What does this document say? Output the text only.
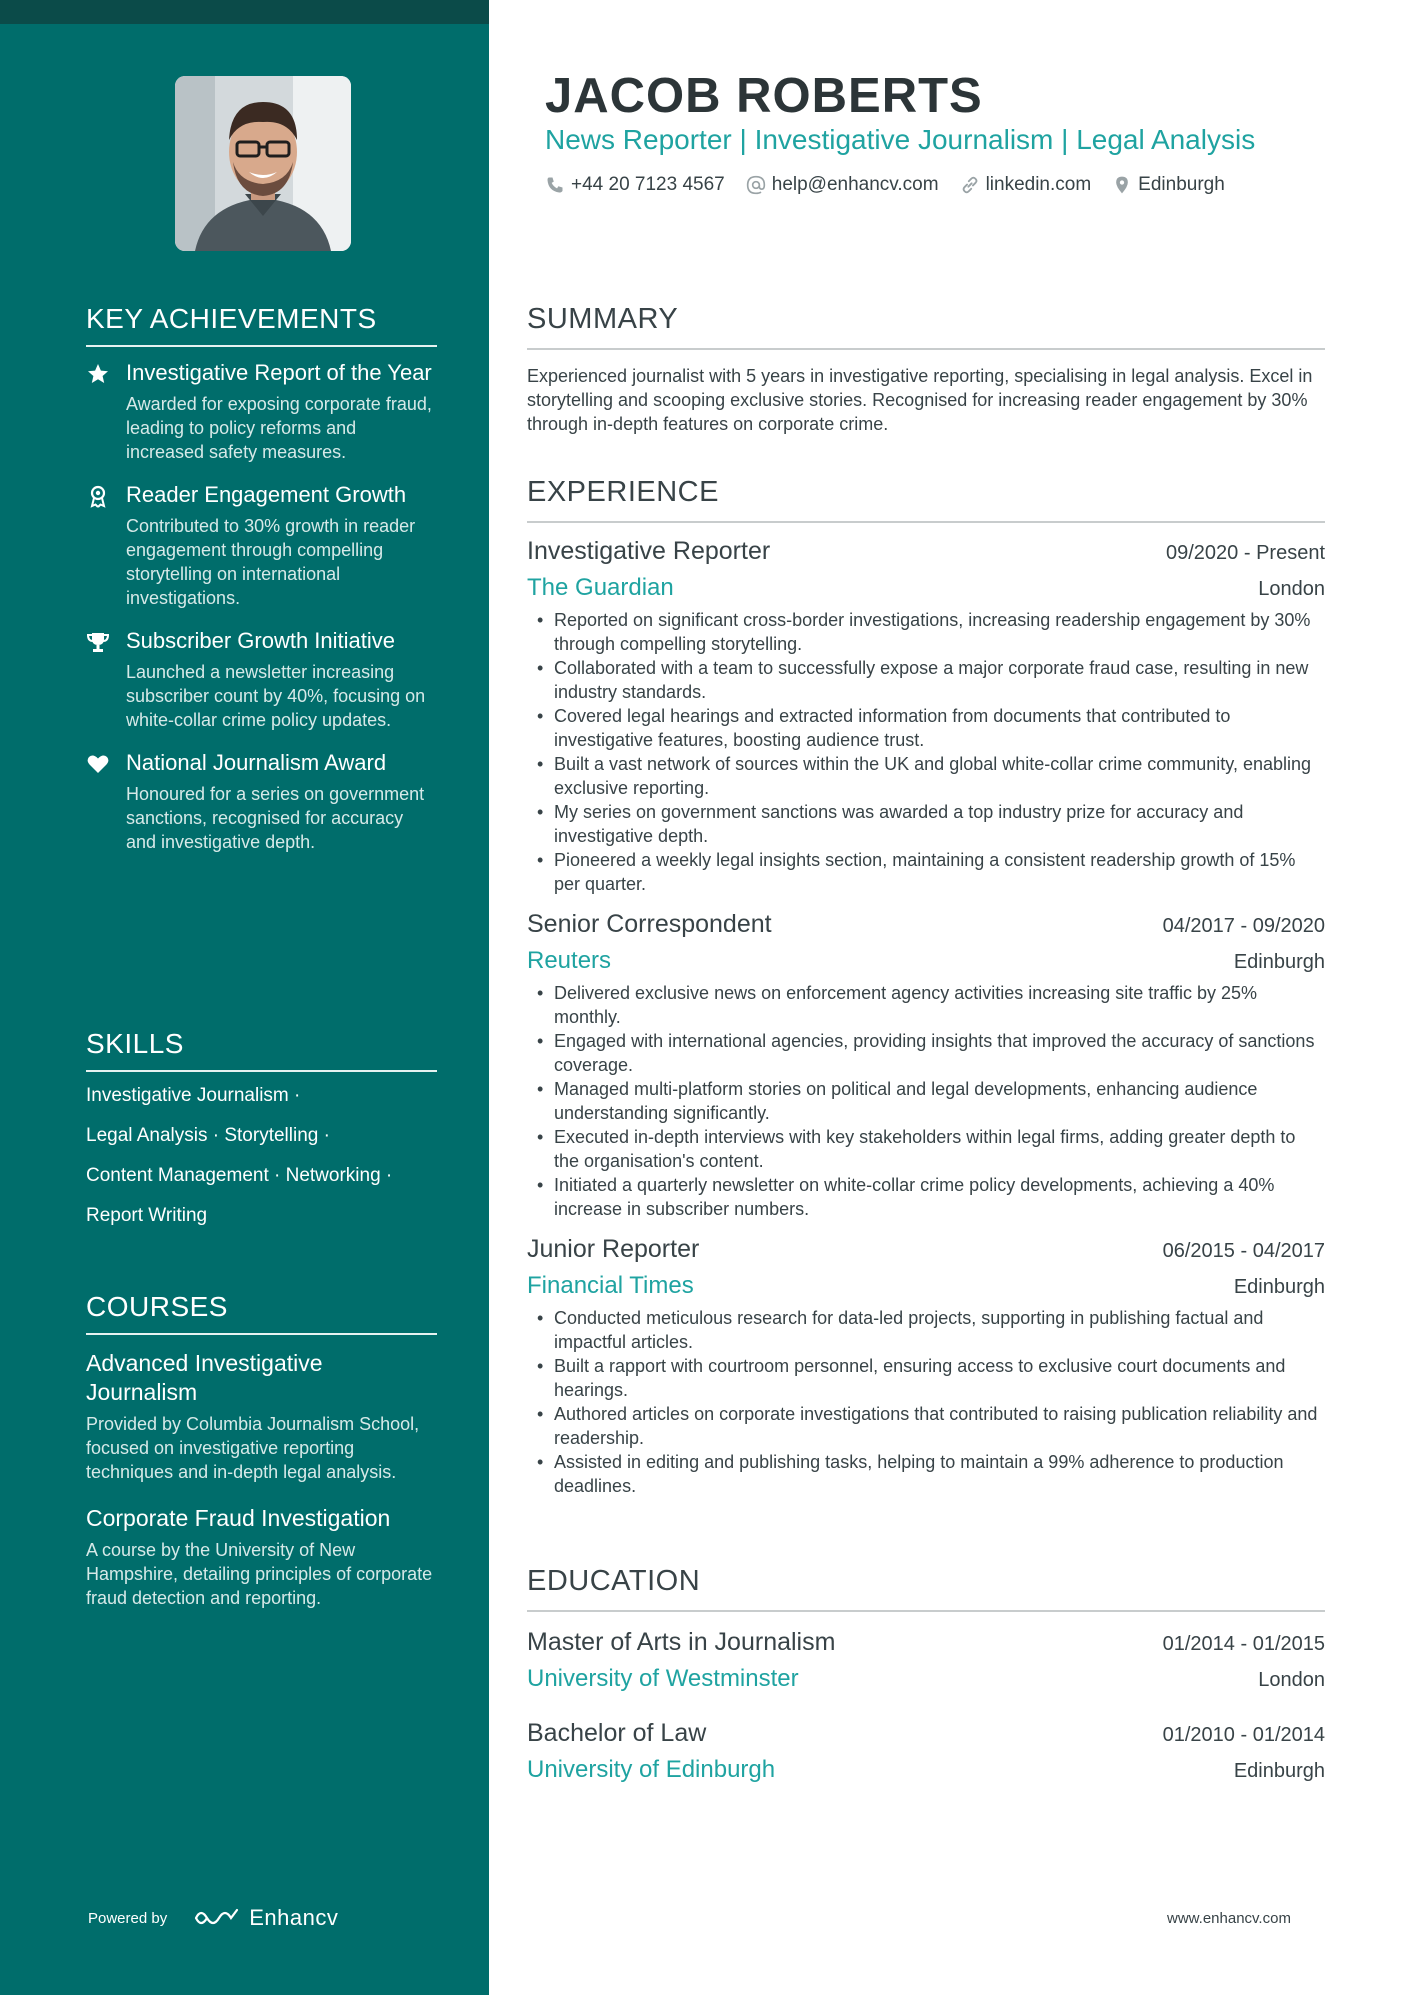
KEY ACHIEVEMENTS
Investigative Report of the Year
Awarded for exposing corporate fraud, leading to policy reforms and increased safety measures.
Reader Engagement Growth
Contributed to 30% growth in reader engagement through compelling storytelling on international investigations.
Subscriber Growth Initiative
Launched a newsletter increasing subscriber count by 40%, focusing on white-collar crime policy updates.
National Journalism Award
Honoured for a series on government sanctions, recognised for accuracy and investigative depth.
SKILLS
Investigative Journalism ·
Legal Analysis · Storytelling ·
Content Management · Networking ·
Report Writing
COURSES
Advanced Investigative Journalism
Provided by Columbia Journalism School, focused on investigative reporting techniques and in-depth legal analysis.
Corporate Fraud Investigation
A course by the University of New Hampshire, detailing principles of corporate fraud detection and reporting.
Powered by	Enhancv
JACOB ROBERTS
News Reporter | Investigative Journalism | Legal Analysis
+44 20 7123 4567 help@enhancv.com linkedin.com Edinburgh
SUMMARY

Experienced journalist with 5 years in investigative reporting, specialising in legal analysis. Excel in storytelling and scooping exclusive stories. Recognised for increasing reader engagement by 30% through in-depth features on corporate crime.

EXPERIENCE
Investigative Reporter	09/2020 - Present
The Guardian	London
• Reported on significant cross-border investigations, increasing readership engagement by 30% through compelling storytelling.
• Collaborated with a team to successfully expose a major corporate fraud case, resulting in new industry standards.
• Covered legal hearings and extracted information from documents that contributed to investigative features, boosting audience trust.
• Built a vast network of sources within the UK and global white-collar crime community, enabling exclusive reporting.
• My series on government sanctions was awarded a top industry prize for accuracy and investigative depth.
• Pioneered a weekly legal insights section, maintaining a consistent readership growth of 15% per quarter.
Senior Correspondent	04/2017 - 09/2020
Reuters	Edinburgh
• Delivered exclusive news on enforcement agency activities increasing site traffic by 25% monthly.
• Engaged with international agencies, providing insights that improved the accuracy of sanctions coverage.
• Managed multi-platform stories on political and legal developments, enhancing audience understanding significantly.
• Executed in-depth interviews with key stakeholders within legal firms, adding greater depth to the organisation's content.
• Initiated a quarterly newsletter on white-collar crime policy developments, achieving a 40% increase in subscriber numbers.
Junior Reporter	06/2015 - 04/2017
Financial Times	Edinburgh
• Conducted meticulous research for data-led projects, supporting in publishing factual and impactful articles.
• Built a rapport with courtroom personnel, ensuring access to exclusive court documents and hearings.
• Authored articles on corporate investigations that contributed to raising publication reliability and readership.
• Assisted in editing and publishing tasks, helping to maintain a 99% adherence to production deadlines.
EDUCATION
Master of Arts in Journalism	01/2014 - 01/2015
University of Westminster	London
Bachelor of Law	01/2010 - 01/2014
University of Edinburgh	Edinburgh
www.enhancv.com
